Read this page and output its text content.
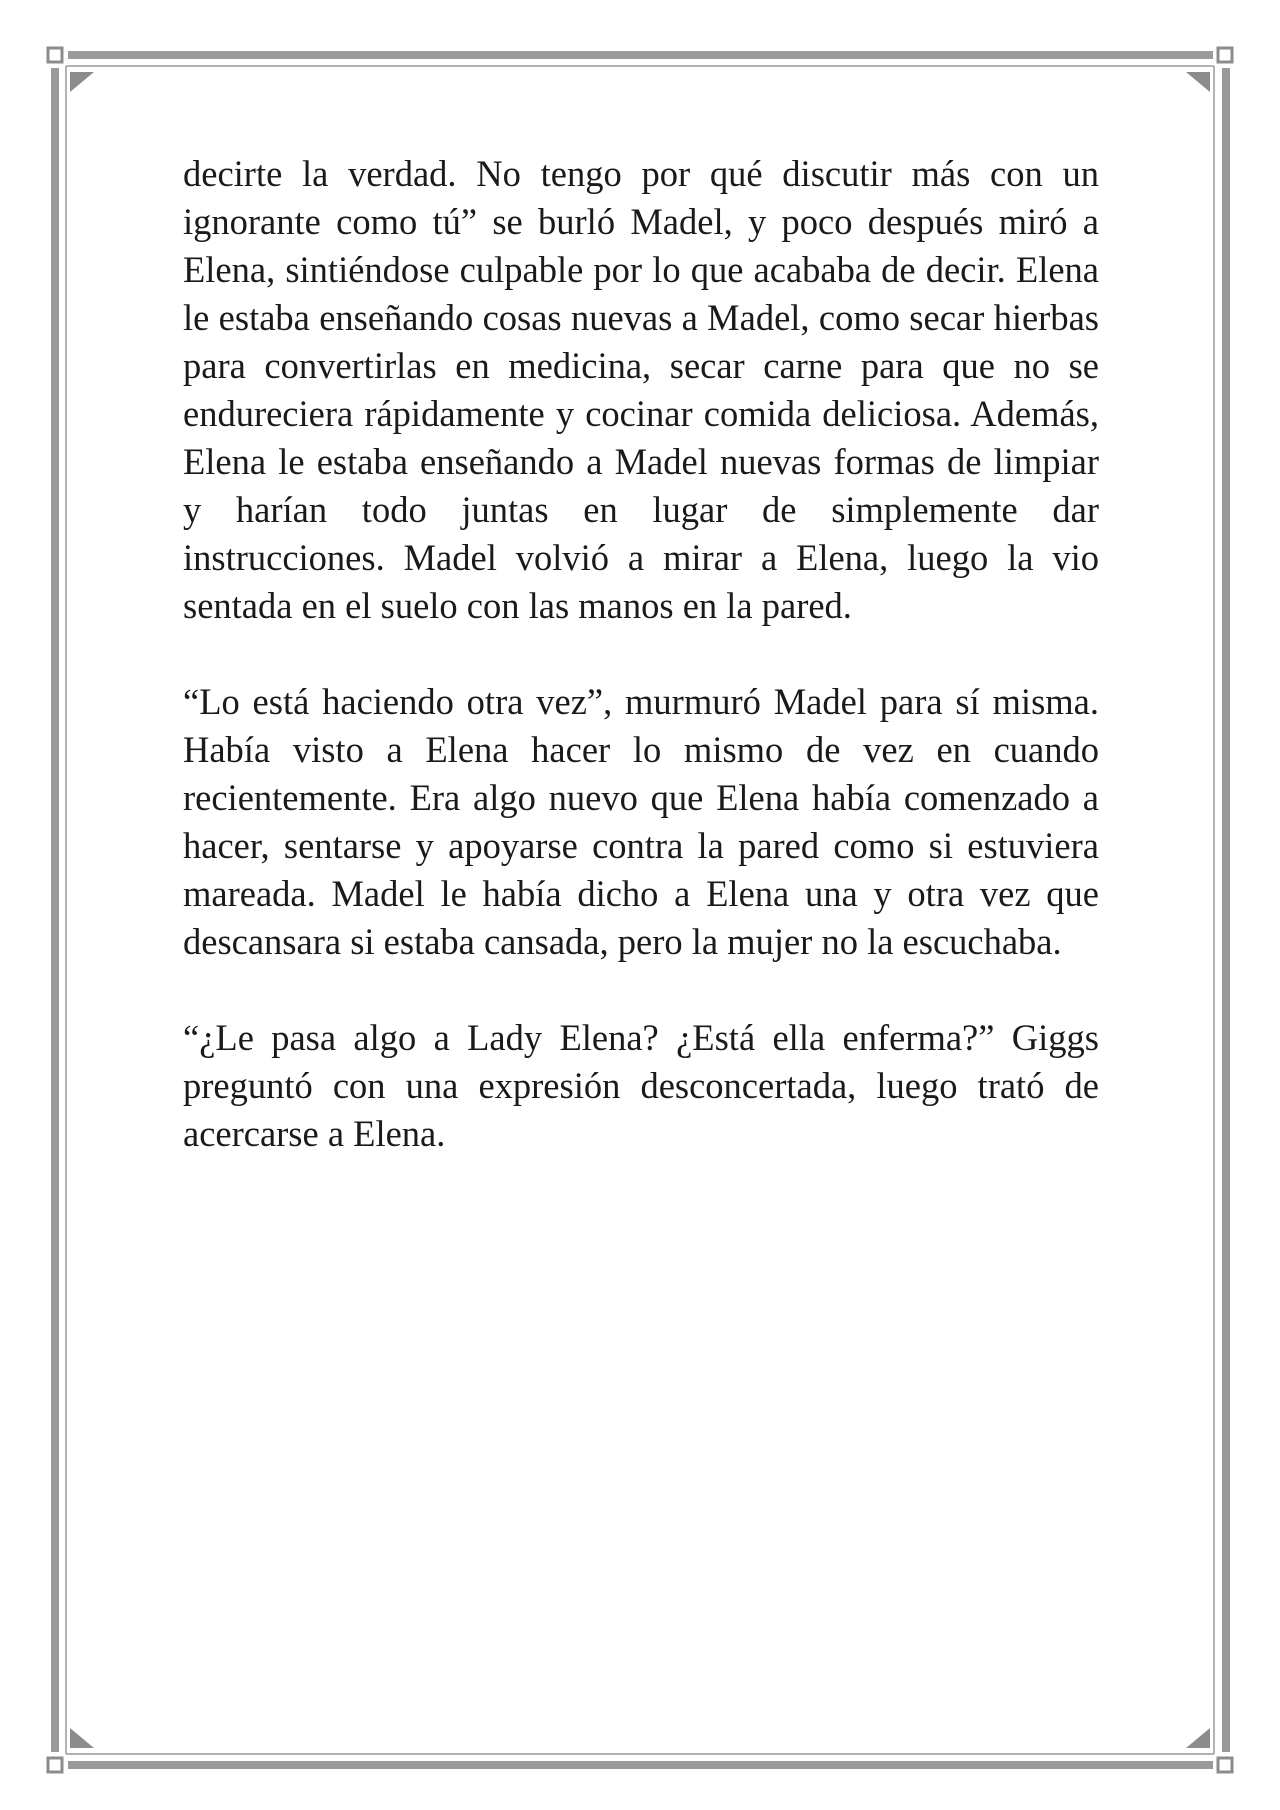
decirte la verdad. No tengo por qué discutir más con un ignorante como tú” se burló Madel, y poco después miró a Elena, sintiéndose culpable por lo que acababa de decir. Elena le estaba enseñando cosas nuevas a Madel, como secar hierbas para convertirlas en medicina, secar carne para que no se endureciera rápidamente y cocinar comida deliciosa. Además, Elena le estaba enseñando a Madel nuevas formas de limpiar y harían todo juntas en lugar de simplemente dar instrucciones. Madel volvió a mirar a Elena, luego la vio sentada en el suelo con las manos en la pared.

“Lo está haciendo otra vez”, murmuró Madel para sí misma. Había visto a Elena hacer lo mismo de vez en cuando recientemente. Era algo nuevo que Elena había comenzado a hacer, sentarse y apoyarse contra la pared como si estuviera mareada. Madel le había dicho a Elena una y otra vez que descansara si estaba cansada, pero la mujer no la escuchaba.

“¿Le pasa algo a Lady Elena? ¿Está ella enferma?” Giggs preguntó con una expresión desconcertada, luego trató de acercarse a Elena.
